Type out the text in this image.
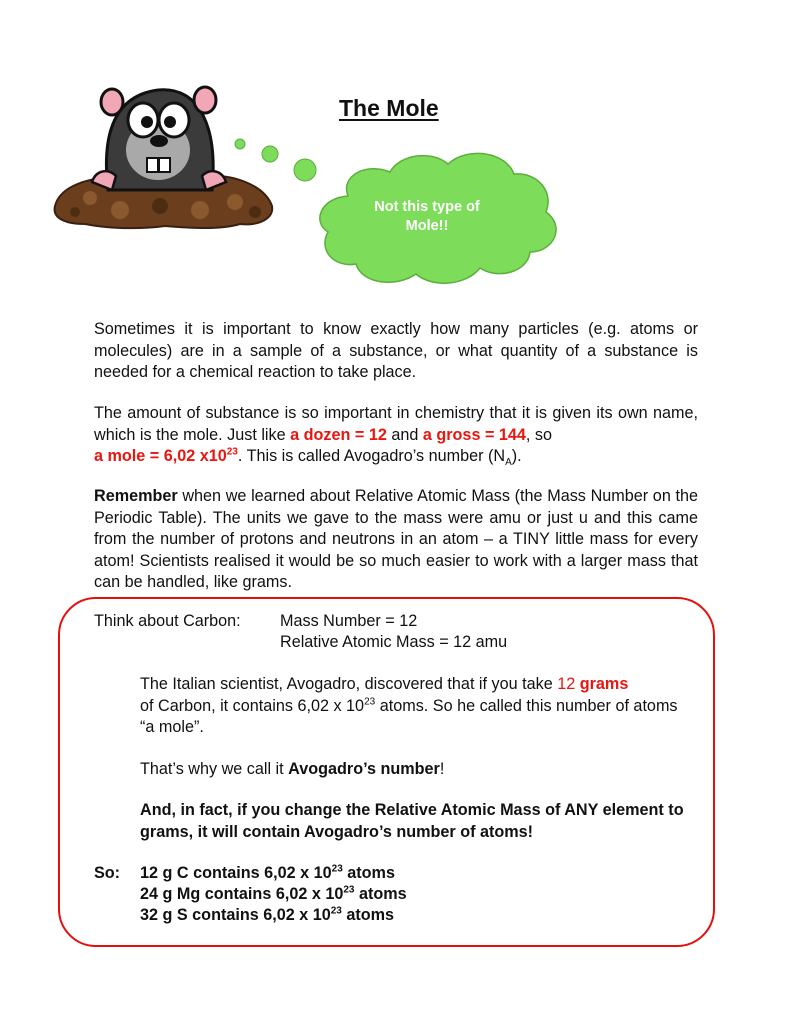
Not this type of
Mole!!
The Mole
Sometimes it is important to know exactly how many particles (e.g. atoms or molecules) are in a sample of a substance, or what quantity of a substance is needed for a chemical reaction to take place.
The amount of substance is so important in chemistry that it is given its own name, which is the mole. Just like a dozen = 12 and a gross = 144, so
a mole = 6,02 $x10^{23}$. This is called Avogadro’s number $(N_A)$.
Remember when we learned about Relative Atomic Mass (the Mass Number on the Periodic Table). The units we gave to the mass were amu or just u and this came from the number of protons and neutrons in an atom – a TINY little mass for every atom! Scientists realised it would be so much easier to work with a larger mass that can be handled, like grams.
Think about Carbon: Mass Number = 12
Relative Atomic Mass = 12 amu
The Italian scientist, Avogadro, discovered that if you take 12 grams
of Carbon, it contains 6,02 x $10^{23}$ atoms. So he called this number of atoms “a mole”.
That’s why we call it Avogadro’s number!
And, in fact, if you change the Relative Atomic Mass of ANY element to grams, it will contain Avogadro’s number of atoms!
So: 12 g C contains 6,02 x $10^{23}$ atoms
24 g Mg contains 6,02 x $10^{23}$ atoms
32 g S contains 6,02 x $10^{23}$ atoms
